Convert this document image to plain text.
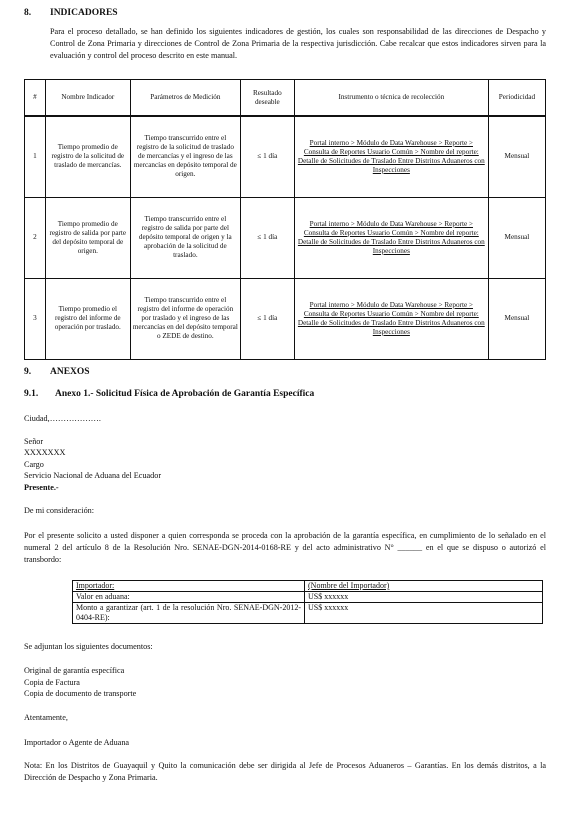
8. INDICADORES
Para el proceso detallado, se han definido los siguientes indicadores de gestión, los cuales son responsabilidad de las direcciones de Despacho y Control de Zona Primaria y direcciones de Control de Zona Primaria de la respectiva jurisdicción. Cabe recalcar que estos indicadores sirven para la evaluación y control del proceso descrito en este manual.
#	Nombre Indicador	Parámetros de Medición	Resultado deseable	Instrumento o técnica de recolección	Periodicidad
1	Tiempo promedio de registro de la solicitud de traslado de mercancías.	Tiempo transcurrido entre el registro de la solicitud de traslado de mercancías y el ingreso de las mercancías en depósito temporal de origen.	≤ 1 día	Portal interno > Módulo de Data Warehouse > Reporte > Consulta de Reportes Usuario Común > Nombre del reporte: Detalle de Solicitudes de Traslado Entre Distritos Aduaneros con Inspecciones	Mensual
2	Tiempo promedio de registro de salida por parte del depósito temporal de origen.	Tiempo transcurrido entre el registro de salida por parte del depósito temporal de origen y la aprobación de la solicitud de traslado.	≤ 1 día	Portal interno > Módulo de Data Warehouse > Reporte > Consulta de Reportes Usuario Común > Nombre del reporte: Detalle de Solicitudes de Traslado Entre Distritos Aduaneros con Inspecciones	Mensual
3	Tiempo promedio el registro del informe de operación por traslado.	Tiempo transcurrido entre el registro del informe de operación por traslado y el ingreso de las mercancías en del depósito temporal o ZEDE de destino.	≤ 1 día	Portal interno > Módulo de Data Warehouse > Reporte > Consulta de Reportes Usuario Común > Nombre del reporte: Detalle de Solicitudes de Traslado Entre Distritos Aduaneros con Inspecciones	Mensual
9. ANEXOS
9.1. Anexo 1.- Solicitud Física de Aprobación de Garantía Específica
Ciudad,……………….
Señor
XXXXXXX
Cargo
Servicio Nacional de Aduana del Ecuador
Presente.-
De mi consideración:
Por el presente solicito a usted disponer a quien corresponda se proceda con la aprobación de la garantía específica, en cumplimiento de lo señalado en el numeral 2 del artículo 8 de la Resolución Nro. SENAE-DGN-2014-0168-RE y del acto administrativo N° ______ en el que se dispuso o autorizó el transbordo:
Importador:	(Nombre del Importador)
Valor en aduana:	US$ xxxxxx
Monto a garantizar (art. 1 de la resolución Nro. SENAE-DGN-2012-0404-RE):	US$ xxxxxx
Se adjuntan los siguientes documentos:
Original de garantía específica
Copia de Factura
Copia de documento de transporte
Atentamente,
Importador o Agente de Aduana
Nota: En los Distritos de Guayaquil y Quito la comunicación debe ser dirigida al Jefe de Procesos Aduaneros – Garantías. En los demás distritos, a la Dirección de Despacho y Zona Primaria.
